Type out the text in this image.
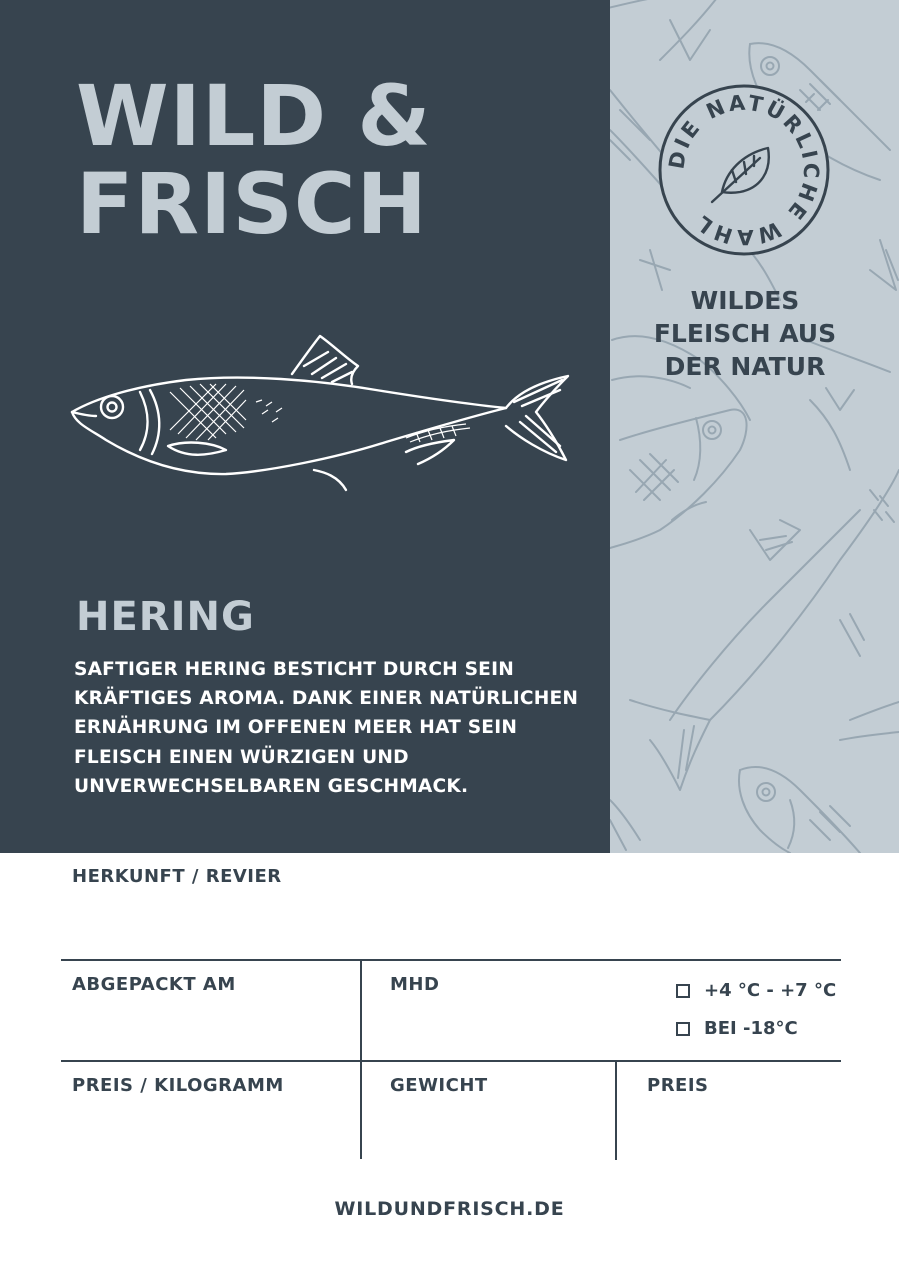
WILD &
FRISCH
HERING

SAFTIGER HERING BESTICHT DURCH SEIN KRÄFTIGES AROMA. DANK EINER NATÜRLICHEN ERNÄHRUNG IM OFFENEN MEER HAT SEIN FLEISCH EINEN WÜRZIGEN UND UNVERWECHSELBAREN GESCHMACK.

DIE NATÜRLICHE WAHL
WILDES
FLEISCH AUS
DER NATUR

HERKUNFT / REVIER

ABGEPACKT AM	MHD	+4 °C - +7 °C
BEI -18°C

PREIS / KILOGRAMM	GEWICHT	PREIS

WILDUNDFRISCH.DE
